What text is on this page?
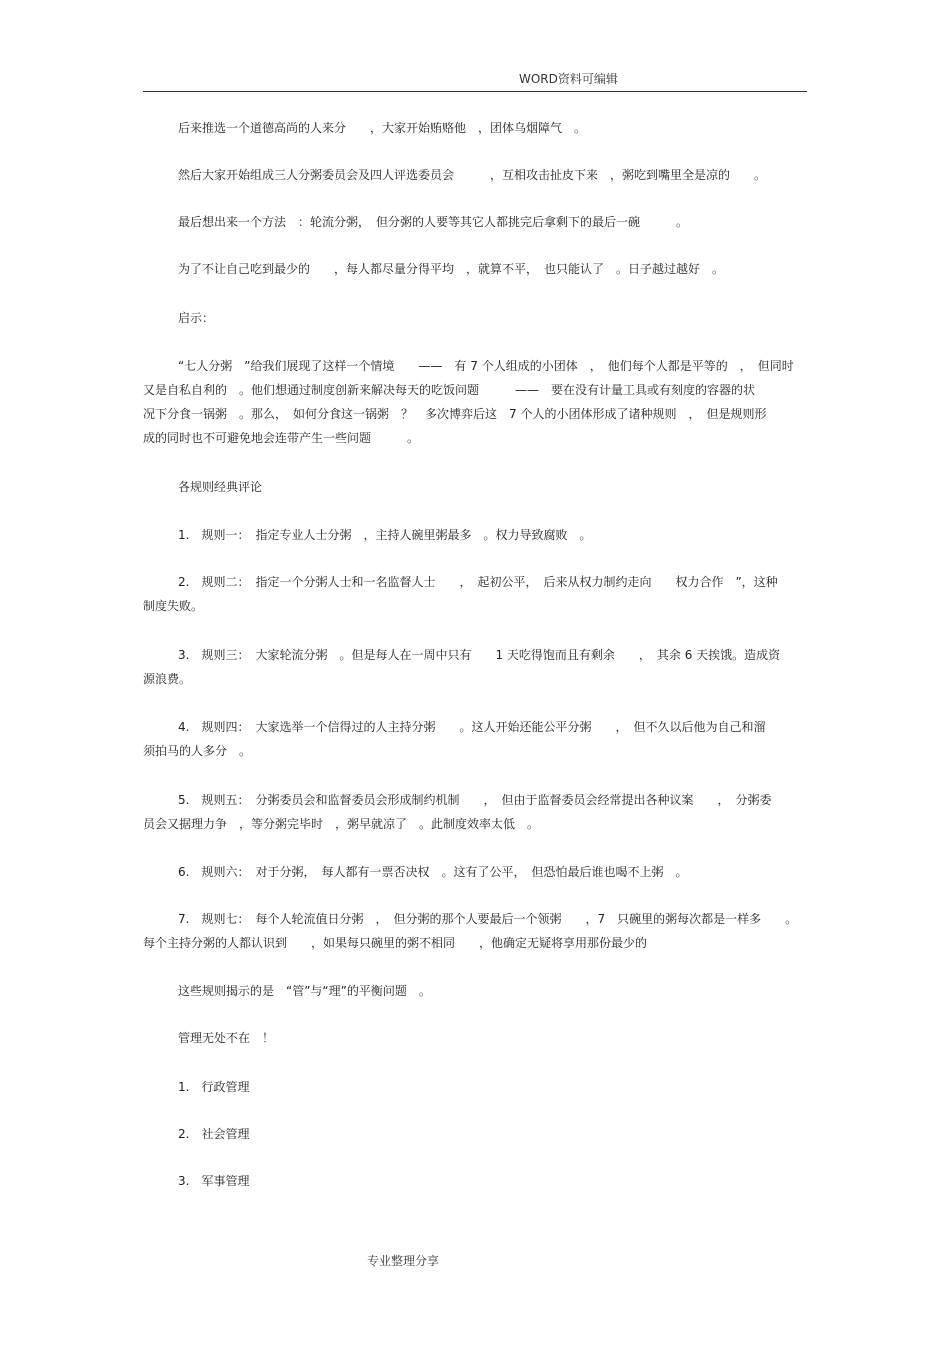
WORD资料可编辑
后来推选一个道德高尚的人来分　　，大家开始贿赂他　，团体乌烟障气　。
然后大家开始组成三人分粥委员会及四人评选委员会　　　，互相攻击扯皮下来　，粥吃到嘴里全是凉的　　。
最后想出来一个方法　：轮流分粥，　但分粥的人要等其它人都挑完后拿剩下的最后一碗　　　。
为了不让自己吃到最少的　　，每人都尽量分得平均　，就算不平，　也只能认了　。日子越过越好　。
启示：
“七人分粥　”给我们展现了这样一个情境　　——　有 7 个人组成的小团体　，　他们每个人都是平等的　，　但同时
又是自私自利的　。他们想通过制度创新来解决每天的吃饭问题　　　——　要在没有计量工具或有刻度的容器的状
况下分食一锅粥　。那么，　如何分食这一锅粥　？　多次博弈后这　7 个人的小团体形成了诸种规则　，　但是规则形
成的同时也不可避免地会连带产生一些问题　　　。
各规则经典评论
1.　规则一：　指定专业人士分粥　，主持人碗里粥最多　。权力导致腐败　。
2.　规则二：　指定一个分粥人士和一名监督人士　　，　起初公平，　后来从权力制约走向　　权力合作　”，这种
制度失败。
3.　规则三：　大家轮流分粥　。但是每人在一周中只有　　1 天吃得饱而且有剩余　　，　其余 6 天挨饿。造成资
源浪费。
4.　规则四：　大家选举一个信得过的人主持分粥　　。这人开始还能公平分粥　　，　但不久以后他为自己和溜
须拍马的人多分　。
5.　规则五：　分粥委员会和监督委员会形成制约机制　　，　但由于监督委员会经常提出各种议案　　，　分粥委
员会又据理力争　，等分粥完毕时　，粥早就凉了　。此制度效率太低　。
6.　规则六：　对于分粥，　每人都有一票否决权　。这有了公平，　但恐怕最后谁也喝不上粥　。
7.　规则七：　每个人轮流值日分粥　，　但分粥的那个人要最后一个领粥　　，7　只碗里的粥每次都是一样多　　。
每个主持分粥的人都认识到　　，如果每只碗里的粥不相同　　，他确定无疑将享用那份最少的
这些规则揭示的是　“管”与“理”的平衡问题　。
管理无处不在　！
1.　行政管理
2.　社会管理
3.　军事管理
专业整理分享
